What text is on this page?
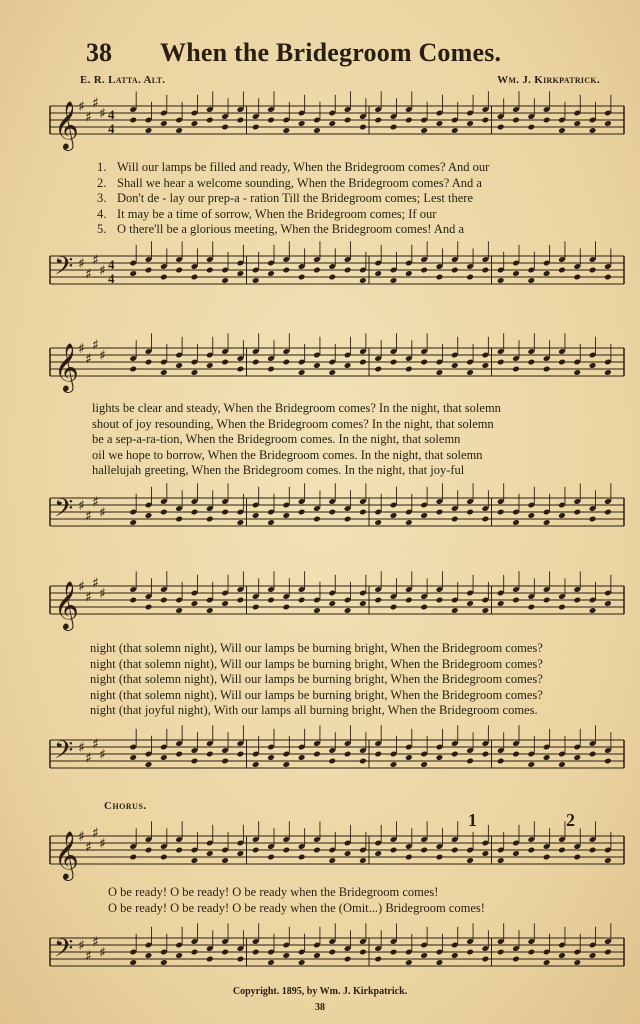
38 When the Bridegroom Comes.
E. R. Latta. Alt.	Wm. J. Kirkpatrick.
𝄞 ♯
♯
♯
♯ 4
4
1. Will our lamps be filled and ready, When the Bridegroom comes? And our
2. Shall we hear a welcome sounding, When the Bridegroom comes? And a
3. Don't de - lay our prep-a - ration Till the Bridegroom comes; Lest there
4. It may be a time of sorrow, When the Bridegroom comes; If our
5. O there'll be a glorious meeting, When the Bridegroom comes! And a
𝄢 ♯
♯
♯
♯ 4
4
𝄞 ♯
♯
♯
♯
lights be clear and steady, When the Bridegroom comes? In the night, that solemn
shout of joy resounding, When the Bridegroom comes? In the night, that solemn
be a sep-a-ra-tion, When the Bridegroom comes. In the night, that solemn
oil we hope to borrow, When the Bridegroom comes. In the night, that solemn
hallelujah greeting, When the Bridegroom comes. In the night, that joy-ful
𝄢 ♯
♯
♯
♯
𝄞 ♯
♯
♯
♯
night (that solemn night), Will our lamps be burning bright, When the Bridegroom comes?
night (that solemn night), Will our lamps be burning bright, When the Bridegroom comes?
night (that solemn night), Will our lamps be burning bright, When the Bridegroom comes?
night (that solemn night), Will our lamps be burning bright, When the Bridegroom comes?
night (that joyful night), With our lamps all burning bright, When the Bridegroom comes.
𝄢 ♯
♯
♯
♯
Chorus.
1	2
𝄞 ♯
♯
♯
♯
O be ready! O be ready! O be ready when the Bridegroom comes!
O be ready! O be ready! O be ready when the (Omit...) Bridegroom comes!
𝄢 ♯
♯
♯
♯
Copyright. 1895, by Wm. J. Kirkpatrick.
38
